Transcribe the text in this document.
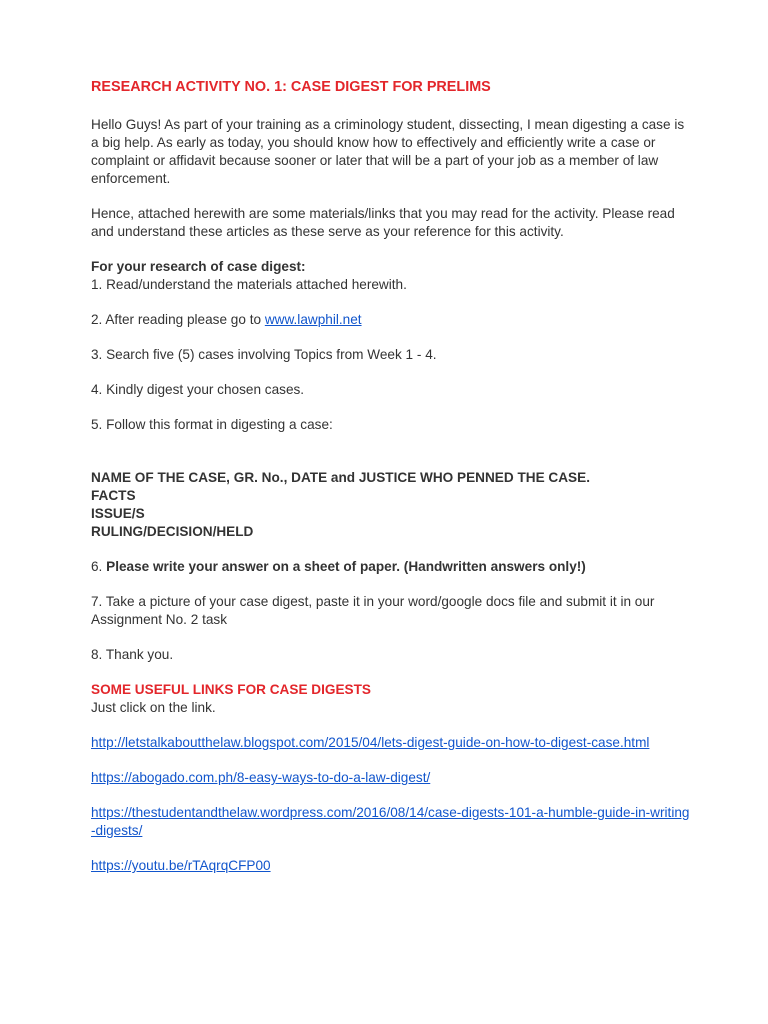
RESEARCH ACTIVITY NO. 1: CASE DIGEST FOR PRELIMS

Hello Guys! As part of your training as a criminology student, dissecting, I mean digesting a case is a big help. As early as today, you should know how to effectively and efficiently write a case or complaint or affidavit because sooner or later that will be a part of your job as a member of law enforcement.

Hence, attached herewith are some materials/links that you may read for the activity. Please read and understand these articles as these serve as your reference for this activity.

For your research of case digest:

1. Read/understand the materials attached herewith.

2. After reading please go to www.lawphil.net

3. Search five (5) cases involving Topics from Week 1 - 4.

4. Kindly digest your chosen cases.

5. Follow this format in digesting a case:

NAME OF THE CASE, GR. No., DATE and JUSTICE WHO PENNED THE CASE.
FACTS
ISSUE/S
RULING/DECISION/HELD

6. Please write your answer on a sheet of paper. (Handwritten answers only!)

7. Take a picture of your case digest, paste it in your word/google docs file and submit it in our Assignment No. 2 task

8. Thank you.

SOME USEFUL LINKS FOR CASE DIGESTS
Just click on the link.

http://letstalkaboutthelaw.blogspot.com/2015/04/lets-digest-guide-on-how-to-digest-case.html

https://abogado.com.ph/8-easy-ways-to-do-a-law-digest/

https://thestudentandthelaw.wordpress.com/2016/08/14/case-digests-101-a-humble-guide-in-writing-digests/

https://youtu.be/rTAqrqCFP00
